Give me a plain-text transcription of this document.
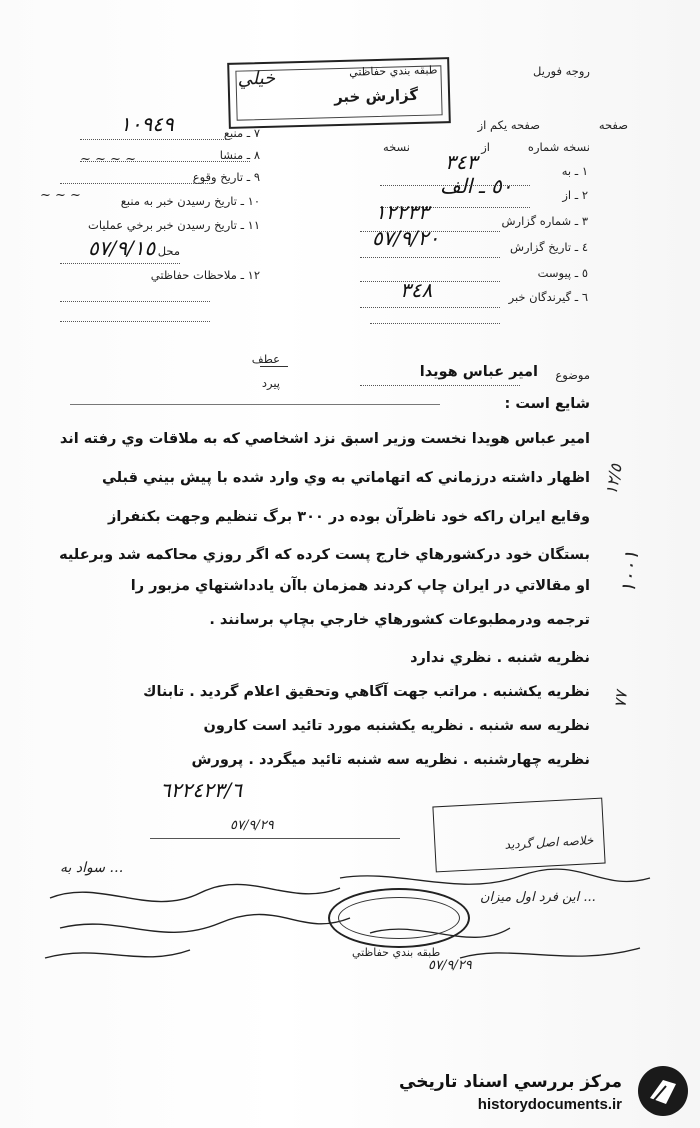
روجه فوريل
طبقه بندي حفاظتي
گزارش خبر
خيلي
صفحه يكم از	صفحه
نسخه شماره
از
نسخه
١ ـ به
٣٤٣
٢ ـ از
٥٠ ـ الف
٣ ـ شماره گزارش
١٢٢٣٣
٤ ـ تاريخ گزارش
٥٧/٩/٢٠
٥ ـ پيوست
٦ ـ گيرندگان خبر
٣٤٨
٧ ـ منبع
١٠٩٤٩
٨ ـ منشا
٩ ـ تاريخ وقوع
~ ~ ~ ~
١٠ ـ تاريخ رسيدن خبر به منبع
~ ~ ~
١١ ـ تاريخ رسيدن خبر برخي عمليات
محل
٥٧/٩/١٥
١٢ ـ ملاحظات حفاظتي
عطف
پيرد
موضوع
امير عباس هويدا
شايع است :
امير عباس هويدا نخست وزير اسبق نزد اشخاصي كه به ملاقات وي رفته اند
اظهار داشته درزماني كه اتهاماتي به وي وارد شده با پيش بيني قبلي
وقايع ايران راكه خود ناظرآن بوده در ٣٠٠ برگ تنظيم وجهت بكنفراز
بستگان خود دركشورهاي خارج پست كرده كه اگر روزي محاكمه شد وبرعليه
او مقالاتي در ايران چاپ كردند همزمان باآن يادداشتهاي مزبور را
ترجمه ودرمطبوعات كشورهاي خارجي بچاپ برسانند .
نظريه شنبه . نظري ندارد
نظريه يكشنبه . مراتب جهت آگاهي وتحقيق اعلام گرديد . تابناك
نظريه سه شنبه . نظريه يكشنبه مورد تائيد است كارون
نظريه چهارشنبه . نظريه سه شنبه تائيد ميگردد . پرورش
٦٢٢٤٢٣/٦
٥٧/٩/٢٩
خلاصه اصل گرديد
سواد به …
اين فرد اول ميزان ...
طبقه بندي حفاظتي
٥٧/٩/٢٩
١٢/٥
١٠٠١
٧٧
مركز بررسي اسناد تاريخي
historydocuments.ir
